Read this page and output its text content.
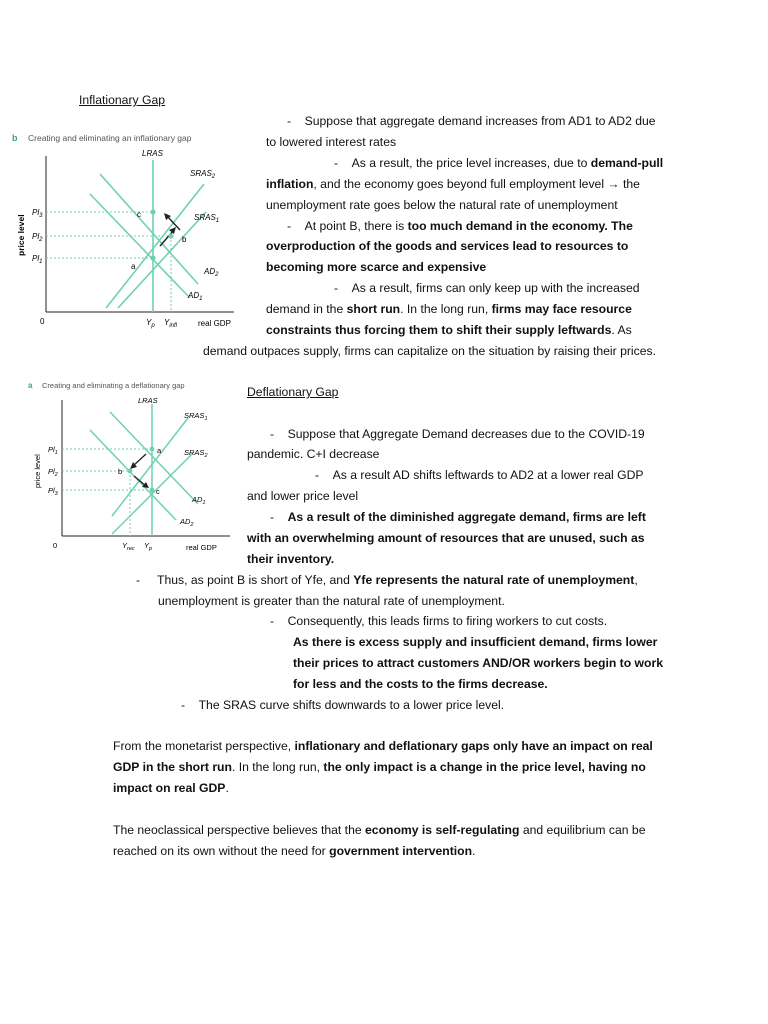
Inflationary Gap
b Creating and eliminating an inflationary gap
a
b
c
LRAS
$SRAS_2$
$SRAS_1$
$AD_2$
$AD_1$
price level
real GDP
0
$Pl_3$
$Pl_2$
$Pl_1$
$Y_p$ $Y_{infl}$
- Suppose that aggregate demand increases from AD1 to AD2 due
to lowered interest rates
- As a result, the price level increases, due to demand-pull
inflation, and the economy goes beyond full employment level → the
unemployment rate goes below the natural rate of unemployment
- At point B, there is too much demand in the economy. The
overproduction of the goods and services lead to resources to
becoming more scarce and expensive
- As a result, firms can only keep up with the increased
demand in the short run. In the long run, firms may face resource
constraints thus forcing them to shift their supply leftwards. As
demand outpaces supply, firms can capitalize on the situation by raising their prices.
a Creating and eliminating a deflationary gap
a
b
c
LRAS
$SRAS_1$
$SRAS_2$
$AD_1$
$AD_2$
price level
real GDP
0
$Pl_1$
$Pl_2$
$Pl_3$
$Y_{rec}$ $Y_p$
Deflationary Gap
- Suppose that Aggregate Demand decreases due to the COVID-19
pandemic. C+I decrease
- As a result AD shifts leftwards to AD2 at a lower real GDP
and lower price level
- As a result of the diminished aggregate demand, firms are left
with an overwhelming amount of resources that are unused, such as
their inventory.
- Thus, as point B is short of Yfe, and Yfe represents the natural rate of unemployment,
unemployment is greater than the natural rate of unemployment.
- Consequently, this leads firms to firing workers to cut costs.
As there is excess supply and insufficient demand, firms lower
their prices to attract customers AND/OR workers begin to work
for less and the costs to the firms decrease.
- The SRAS curve shifts downwards to a lower price level.
From the monetarist perspective, inflationary and deflationary gaps only have an impact on real
GDP in the short run. In the long run, the only impact is a change in the price level, having no
impact on real GDP.
The neoclassical perspective believes that the economy is self-regulating and equilibrium can be
reached on its own without the need for government intervention.
